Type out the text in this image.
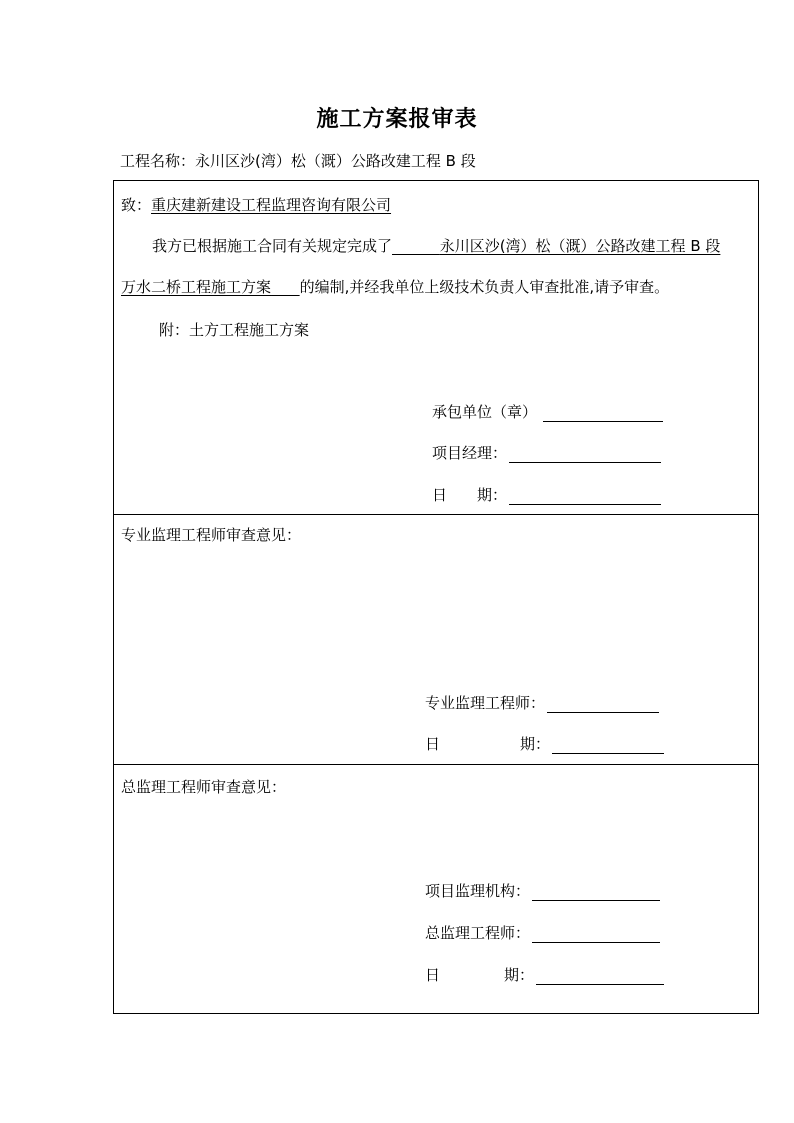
施工方案报审表
工程名称：永川区沙(湾）松（溉）公路改建工程 B 段
致：重庆建新建设工程监理咨询有限公司
我方已根据施工合同有关规定完成了	永川区沙(湾）松（溉）公路改建工程 B 段
万水二桥工程施工方案 的编制,并经我单位上级技术负责人审查批准,请予审查。
附：土方工程施工方案
承包单位（章）
项目经理：
日　　期：
专业监理工程师审查意见：
专业监理工程师：
日	期：
总监理工程师审查意见：
项目监理机构：
总监理工程师：
日	期：
